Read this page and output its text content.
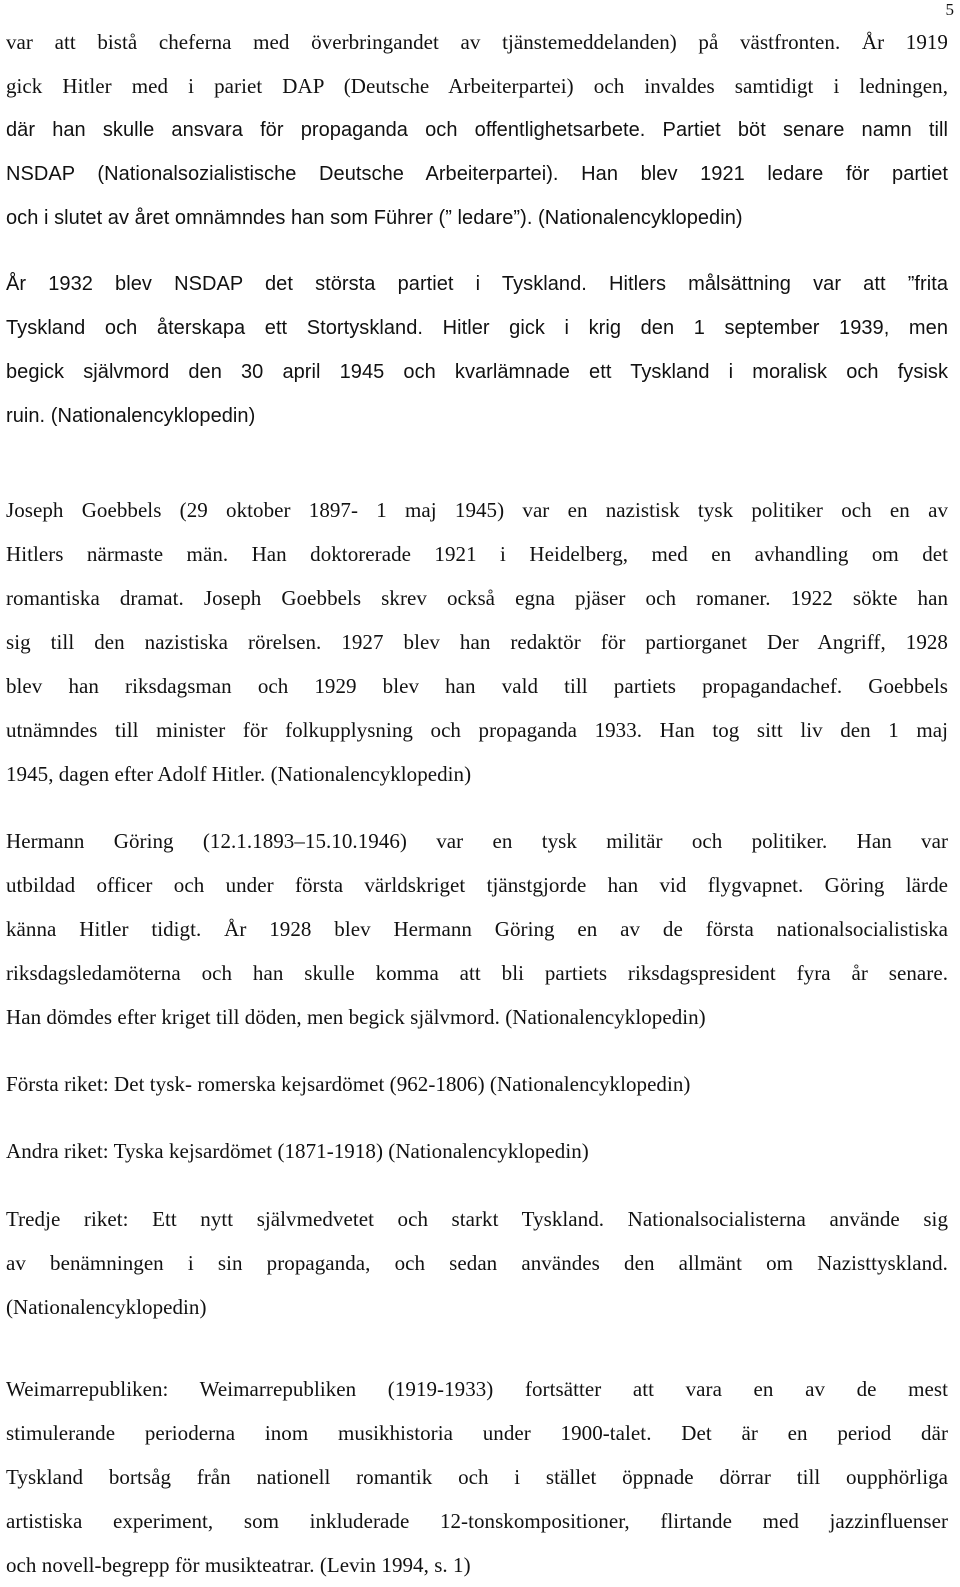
5
var att bistå cheferna med överbringandet av tjänstemeddelanden) på västfronten. År 1919
gick Hitler med i pariet DAP (Deutsche Arbeiterpartei) och invaldes samtidigt i ledningen,
där han skulle ansvara för propaganda och offentlighetsarbete. Partiet böt senare namn till
NSDAP (Nationalsozialistische Deutsche Arbeiterpartei). Han blev 1921 ledare för partiet
och i slutet av året omnämndes han som Führer (” ledare”). (Nationalencyklopedin)
År 1932 blev NSDAP det största partiet i Tyskland. Hitlers målsättning var att ”frita
Tyskland och återskapa ett Stortyskland. Hitler gick i krig den 1 september 1939, men
begick självmord den 30 april 1945 och kvarlämnade ett Tyskland i moralisk och fysisk
ruin. (Nationalencyklopedin)
Joseph Goebbels (29 oktober 1897- 1 maj 1945) var en nazistisk tysk politiker och en av
Hitlers närmaste män. Han doktorerade 1921 i Heidelberg, med en avhandling om det
romantiska dramat. Joseph Goebbels skrev också egna pjäser och romaner. 1922 sökte han
sig till den nazistiska rörelsen. 1927 blev han redaktör för partiorganet Der Angriff, 1928
blev han riksdagsman och 1929 blev han vald till partiets propagandachef. Goebbels
utnämndes till minister för folkupplysning och propaganda 1933. Han tog sitt liv den 1 maj
1945, dagen efter Adolf Hitler. (Nationalencyklopedin)
Hermann Göring (12.1.1893–15.10.1946) var en tysk militär och politiker. Han var
utbildad officer och under första världskriget tjänstgjorde han vid flygvapnet. Göring lärde
känna Hitler tidigt. År 1928 blev Hermann Göring en av de första nationalsocialistiska
riksdagsledamöterna och han skulle komma att bli partiets riksdagspresident fyra år senare.
Han dömdes efter kriget till döden, men begick självmord. (Nationalencyklopedin)
Första riket: Det tysk- romerska kejsardömet (962-1806) (Nationalencyklopedin)
Andra riket: Tyska kejsardömet (1871-1918) (Nationalencyklopedin)
Tredje riket: Ett nytt självmedvetet och starkt Tyskland. Nationalsocialisterna använde sig
av benämningen i sin propaganda, och sedan användes den allmänt om Nazisttyskland.
(Nationalencyklopedin)
Weimarrepubliken: Weimarrepubliken (1919-1933) fortsätter att vara en av de mest
stimulerande perioderna inom musikhistoria under 1900-talet. Det är en period där
Tyskland bortsåg från nationell romantik och i stället öppnade dörrar till oupphörliga
artistiska experiment, som inkluderade 12-tonskompositioner, flirtande med jazzinfluenser
och novell-begrepp för musikteatrar. (Levin 1994, s. 1)
